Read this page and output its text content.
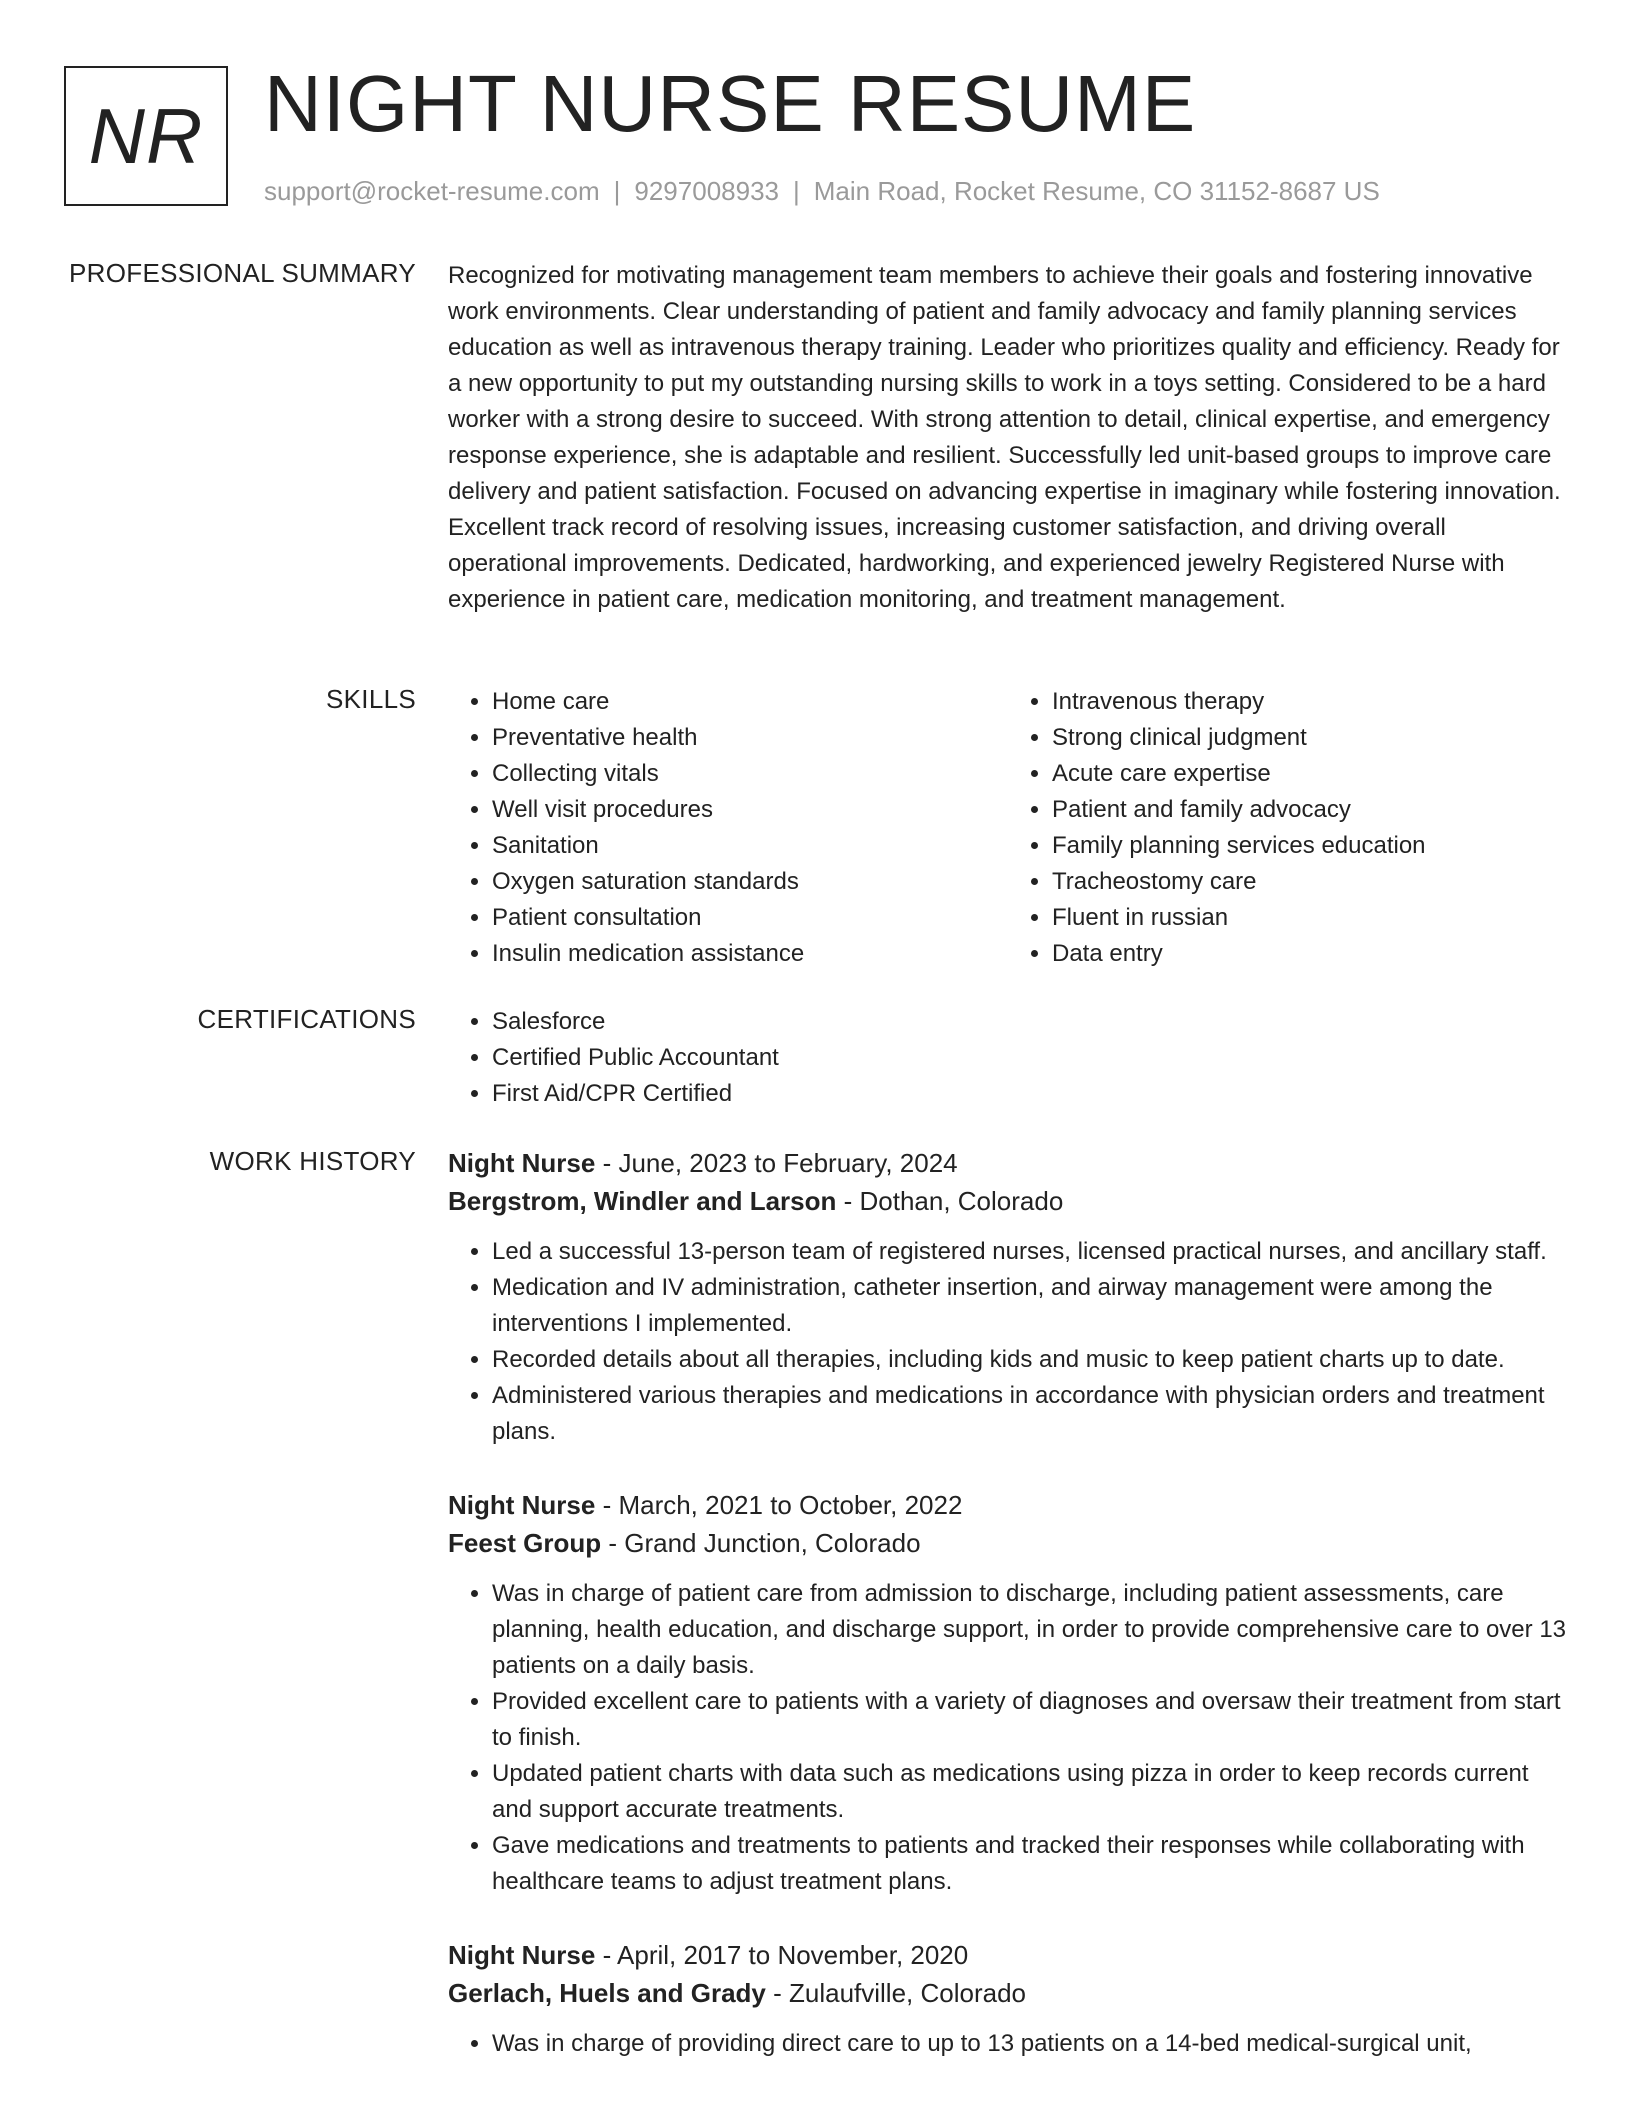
NR NIGHT NURSE RESUME
support@rocket-resume.com | 9297008933 | Main Road, Rocket Resume, CO 31152-8687 US
PROFESSIONAL SUMMARY Recognized for motivating management team members to achieve their goals and fostering innovative work environments. Clear understanding of patient and family advocacy and family planning services education as well as intravenous therapy training. Leader who prioritizes quality and efficiency. Ready for a new opportunity to put my outstanding nursing skills to work in a toys setting. Considered to be a hard worker with a strong desire to succeed. With strong attention to detail, clinical expertise, and emergency response experience, she is adaptable and resilient. Successfully led unit-based groups to improve care delivery and patient satisfaction. Focused on advancing expertise in imaginary while fostering innovation. Excellent track record of resolving issues, increasing customer satisfaction, and driving overall operational improvements. Dedicated, hardworking, and experienced jewelry Registered Nurse with experience in patient care, medication monitoring, and treatment management.
SKILLS	• Home care
• Preventative health
• Collecting vitals
• Well visit procedures
• Sanitation
• Oxygen saturation standards
• Patient consultation
• Insulin medication assistance
• Intravenous therapy
• Strong clinical judgment
• Acute care expertise
• Patient and family advocacy
• Family planning services education
• Tracheostomy care
• Fluent in russian
• Data entry
CERTIFICATIONS	• Salesforce
• Certified Public Accountant
• First Aid/CPR Certified
WORK HISTORY Night Nurse - June, 2023 to February, 2024
Bergstrom, Windler and Larson - Dothan, Colorado
• Led a successful 13-person team of registered nurses, licensed practical nurses, and ancillary staff.
• Medication and IV administration, catheter insertion, and airway management were among the interventions I implemented.
• Recorded details about all therapies, including kids and music to keep patient charts up to date.
• Administered various therapies and medications in accordance with physician orders and treatment plans.
Night Nurse - March, 2021 to October, 2022
Feest Group - Grand Junction, Colorado
• Was in charge of patient care from admission to discharge, including patient assessments, care planning, health education, and discharge support, in order to provide comprehensive care to over 13 patients on a daily basis.
• Provided excellent care to patients with a variety of diagnoses and oversaw their treatment from start to finish.
• Updated patient charts with data such as medications using pizza in order to keep records current and support accurate treatments.
• Gave medications and treatments to patients and tracked their responses while collaborating with healthcare teams to adjust treatment plans.
Night Nurse - April, 2017 to November, 2020
Gerlach, Huels and Grady - Zulaufville, Colorado
• Was in charge of providing direct care to up to 13 patients on a 14-bed medical-surgical unit,
